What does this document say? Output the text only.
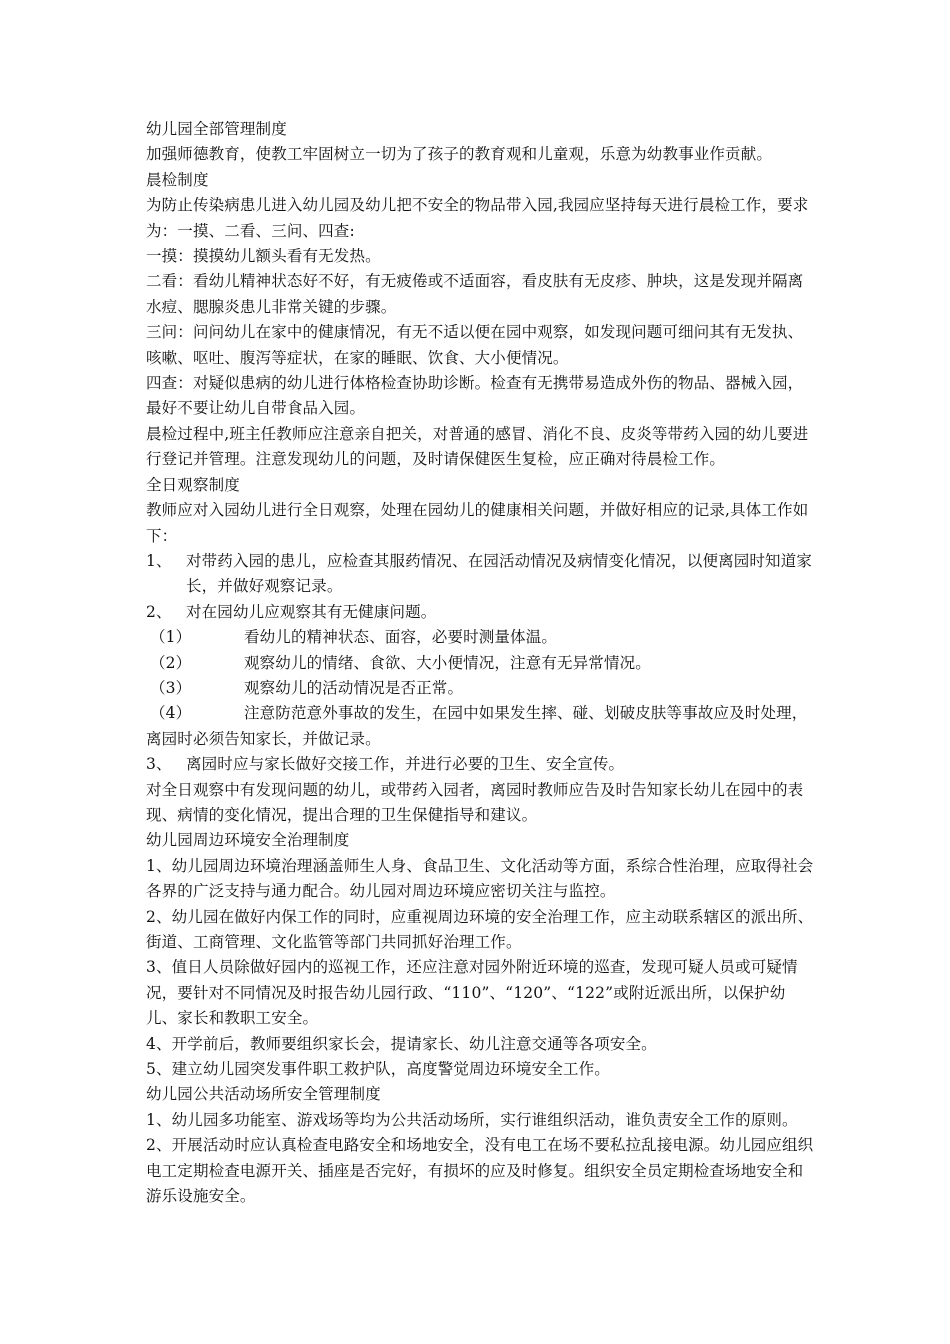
幼儿园全部管理制度

加强师德教育，使教工牢固树立一切为了孩子的教育观和儿童观，乐意为幼教事业作贡献。

晨检制度

为防止传染病患儿进入幼儿园及幼儿把不安全的物品带入园,我园应坚持每天进行晨检工作，要求为：一摸、二看、三问、四查:

一摸：摸摸幼儿额头看有无发热。

二看：看幼儿精神状态好不好，有无疲倦或不适面容，看皮肤有无皮疹、肿块，这是发现并隔离水痘、腮腺炎患儿非常关键的步骤。

三问：问问幼儿在家中的健康情况，有无不适以便在园中观察，如发现问题可细问其有无发执、咳嗽、呕吐、腹泻等症状，在家的睡眠、饮食、大小便情况。

四查：对疑似患病的幼儿进行体格检查协助诊断。检查有无携带易造成外伤的物品、器械入园，最好不要让幼儿自带食品入园。

晨检过程中,班主任教师应注意亲自把关，对普通的感冒、消化不良、皮炎等带药入园的幼儿要进行登记并管理。注意发现幼儿的问题，及时请保健医生复检，应正确对待晨检工作。

全日观察制度

教师应对入园幼儿进行全日观察，处理在园幼儿的健康相关问题，并做好相应的记录,具体工作如下：

1、 对带药入园的患儿，应检查其服药情况、在园活动情况及病情变化情况，以便离园时知道家长，并做好观察记录。
2、 对在园幼儿应观察其有无健康问题。

（1）	看幼儿的精神状态、面容，必要时测量体温。

（2）	观察幼儿的情绪、食欲、大小便情况，注意有无异常情况。

（3）	观察幼儿的活动情况是否正常。

（4）	注意防范意外事故的发生，在园中如果发生摔、碰、划破皮肤等事故应及时处理，离园时必须告知家长，并做记录。

3、 离园时应与家长做好交接工作，并进行必要的卫生、安全宣传。

对全日观察中有发现问题的幼儿，或带药入园者，离园时教师应告及时告知家长幼儿在园中的表现、病情的变化情况，提出合理的卫生保健指导和建议。

幼儿园周边环境安全治理制度

1、幼儿园周边环境治理涵盖师生人身、食品卫生、文化活动等方面，系综合性治理，应取得社会各界的广泛支持与通力配合。幼儿园对周边环境应密切关注与监控。

2、幼儿园在做好内保工作的同时，应重视周边环境的安全治理工作，应主动联系辖区的派出所、街道、工商管理、文化监管等部门共同抓好治理工作。

3、值日人员除做好园内的巡视工作，还应注意对园外附近环境的巡查，发现可疑人员或可疑情况，要针对不同情况及时报告幼儿园行政、“110”、“120”、“122”或附近派出所，以保护幼儿、家长和教职工安全。

4、开学前后，教师要组织家长会，提请家长、幼儿注意交通等各项安全。

5、建立幼儿园突发事件职工救护队，高度警觉周边环境安全工作。

幼儿园公共活动场所安全管理制度

1、幼儿园多功能室、游戏场等均为公共活动场所，实行谁组织活动，谁负责安全工作的原则。

2、开展活动时应认真检查电路安全和场地安全，没有电工在场不要私拉乱接电源。幼儿园应组织电工定期检查电源开关、插座是否完好，有损坏的应及时修复。组织安全员定期检查场地安全和游乐设施安全。
